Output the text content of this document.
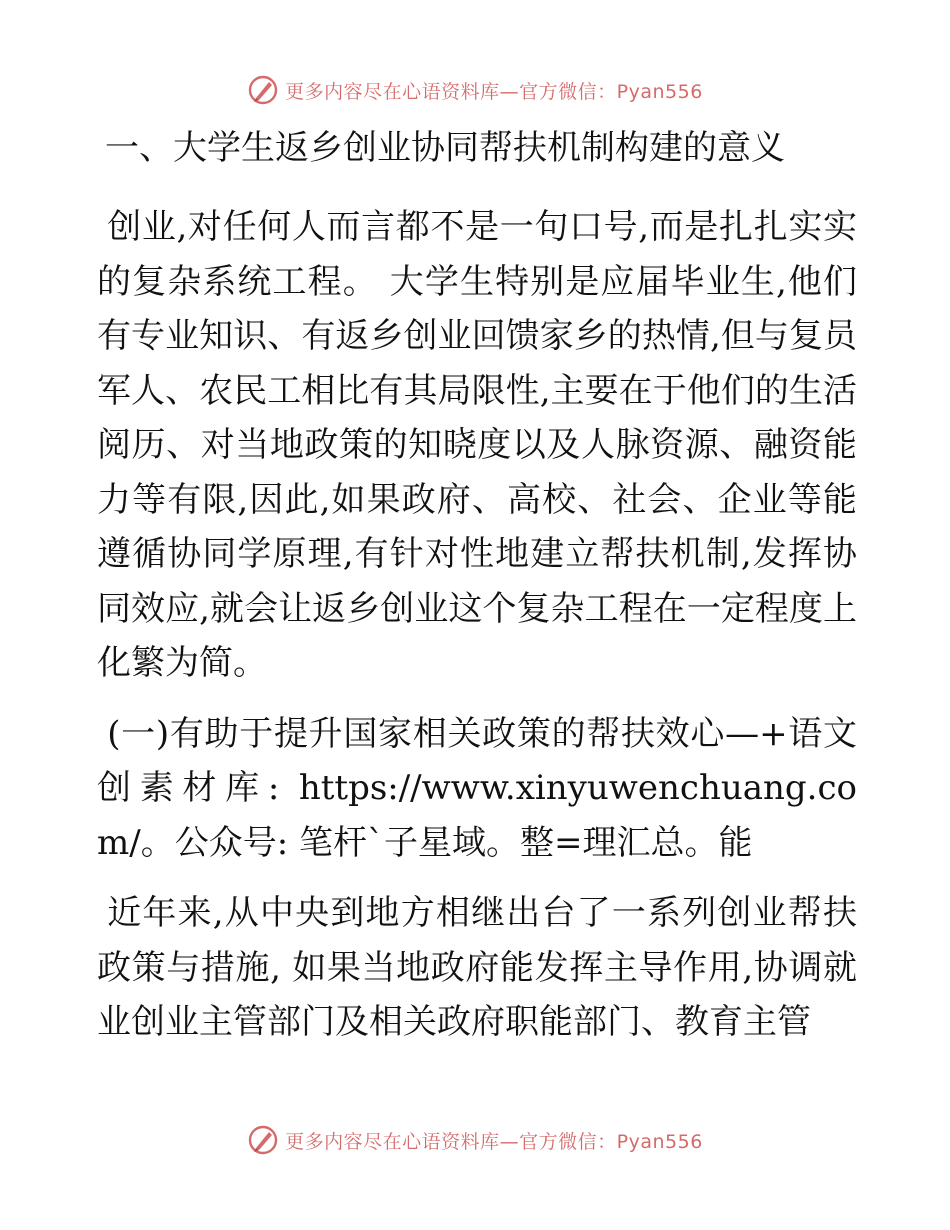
更多内容尽在心语资料库—官方微信：Pyan556
一、大学生返乡创业协同帮扶机制构建的意义

创业,对任何人而言都不是一句口号,而是扎扎实实的复杂系统工程。 大学生特别是应届毕业生,他们有专业知识、有返乡创业回馈家乡的热情,但与复员军人、农民工相比有其局限性,主要在于他们的生活阅历、对当地政策的知晓度以及人脉资源、融资能力等有限,因此,如果政府、高校、社会、企业等能遵循协同学原理,有针对性地建立帮扶机制,发挥协同效应,就会让返乡创业这个复杂工程在一定程度上化繁为简。

(一)有助于提升国家相关政策的帮扶效心—+语文创素材库: https://www.xinyuwenchuang.com/。公众号: 笔杆`子星域。整=理汇总。能

近年来,从中央到地方相继出台了一系列创业帮扶政策与措施, 如果当地政府能发挥主导作用,协调就业创业主管部门及相关政府职能部门、教育主管

更多内容尽在心语资料库—官方微信：Pyan556
